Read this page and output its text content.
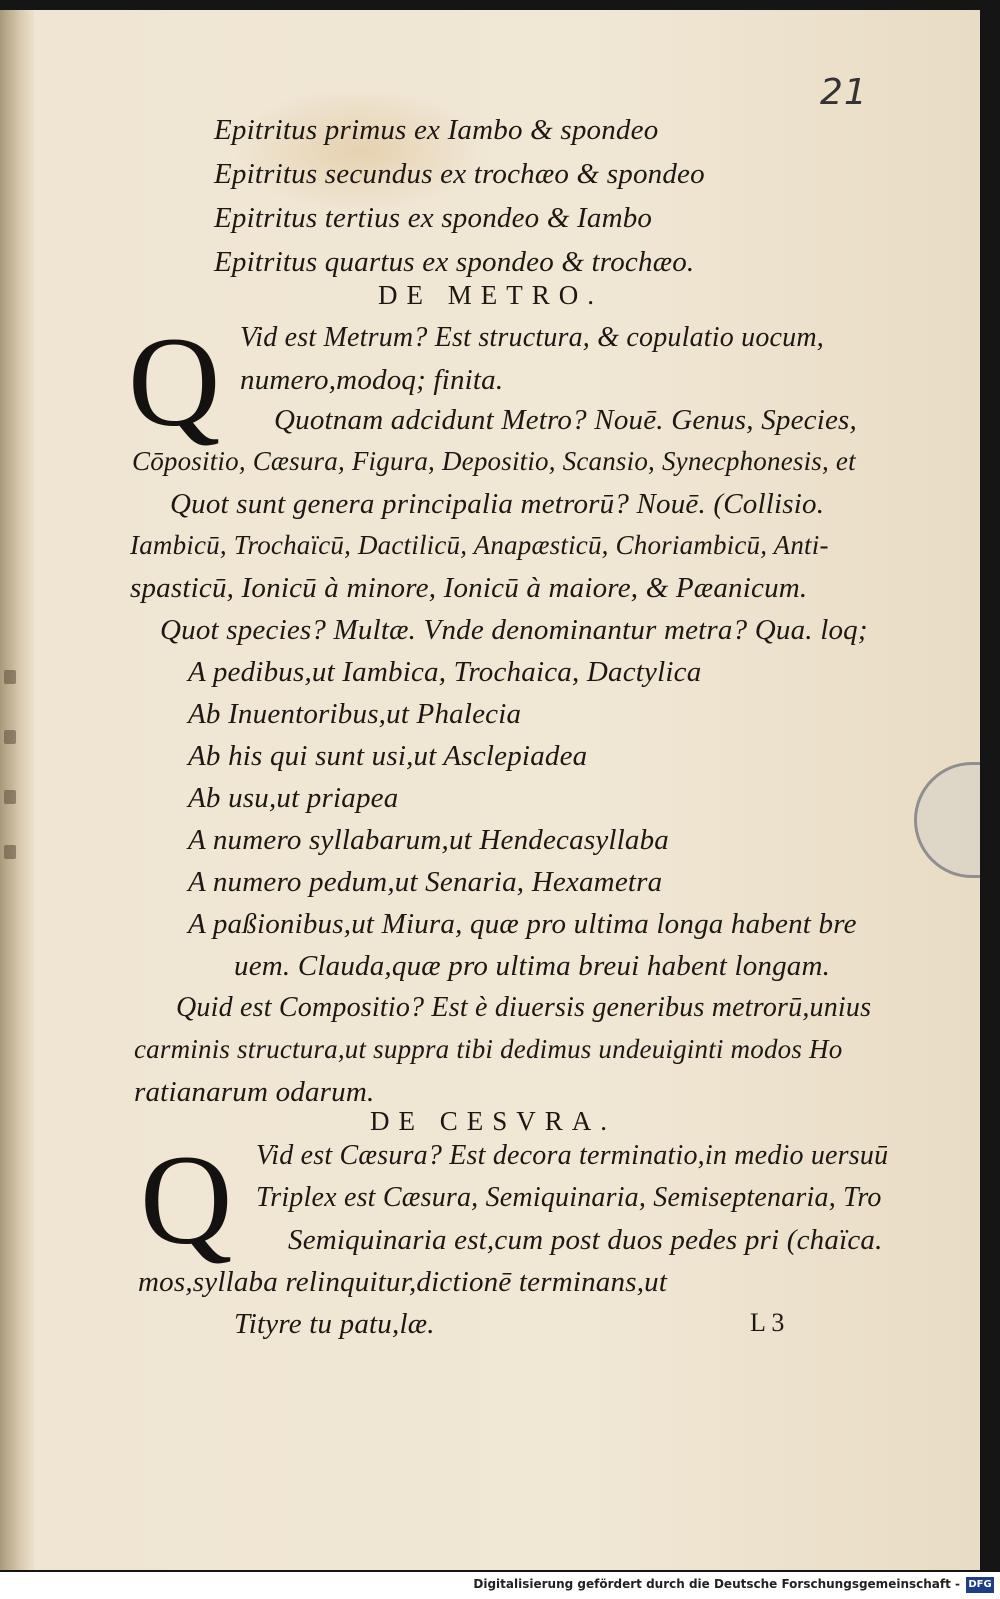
21
Epitritus primus ex Iambo & spondeo
Epitritus secundus ex trochæo & spondeo
Epitritus tertius ex spondeo & Iambo
Epitritus quartus ex spondeo & trochæo.
DE METRO.
Q Vid est Metrum? Est structura, & copulatio uocum,
numero,modoq; finita.
Quotnam adcidunt Metro? Nouē. Genus, Species,
Cōpositio, Cæsura, Figura, Depositio, Scansio, Synecphonesis, et
Quot sunt genera principalia metrorū? Nouē. (Collisio.
Iambicū, Trochaïcū, Dactilicū, Anapæsticū, Choriambicū, Anti-
spasticū, Ionicū à minore, Ionicū à maiore, & Pæanicum.
Quot species? Multæ. Vnde denominantur metra? Qua. loq;
A pedibus,ut Iambica, Trochaica, Dactylica
Ab Inuentoribus,ut Phalecia
Ab his qui sunt usi,ut Asclepiadea
Ab usu,ut priapea
A numero syllabarum,ut Hendecasyllaba
A numero pedum,ut Senaria, Hexametra
A paßionibus,ut Miura, quæ pro ultima longa habent bre
uem. Clauda,quæ pro ultima breui habent longam.
Quid est Compositio? Est è diuersis generibus metrorū,unius
carminis structura,ut suppra tibi dedimus undeuiginti modos Ho
ratianarum odarum.
DE CESVRA.
Q Vid est Cæsura? Est decora terminatio,in medio uersuū
Triplex est Cæsura, Semiquinaria, Semiseptenaria, Tro
Semiquinaria est,cum post duos pedes pri (chaïca.
mos,syllaba relinquitur,dictionē terminans,ut
Tityre tu patu,læ.	L 3
Digitalisierung gefördert durch die Deutsche Forschungsgemeinschaft - DFG
